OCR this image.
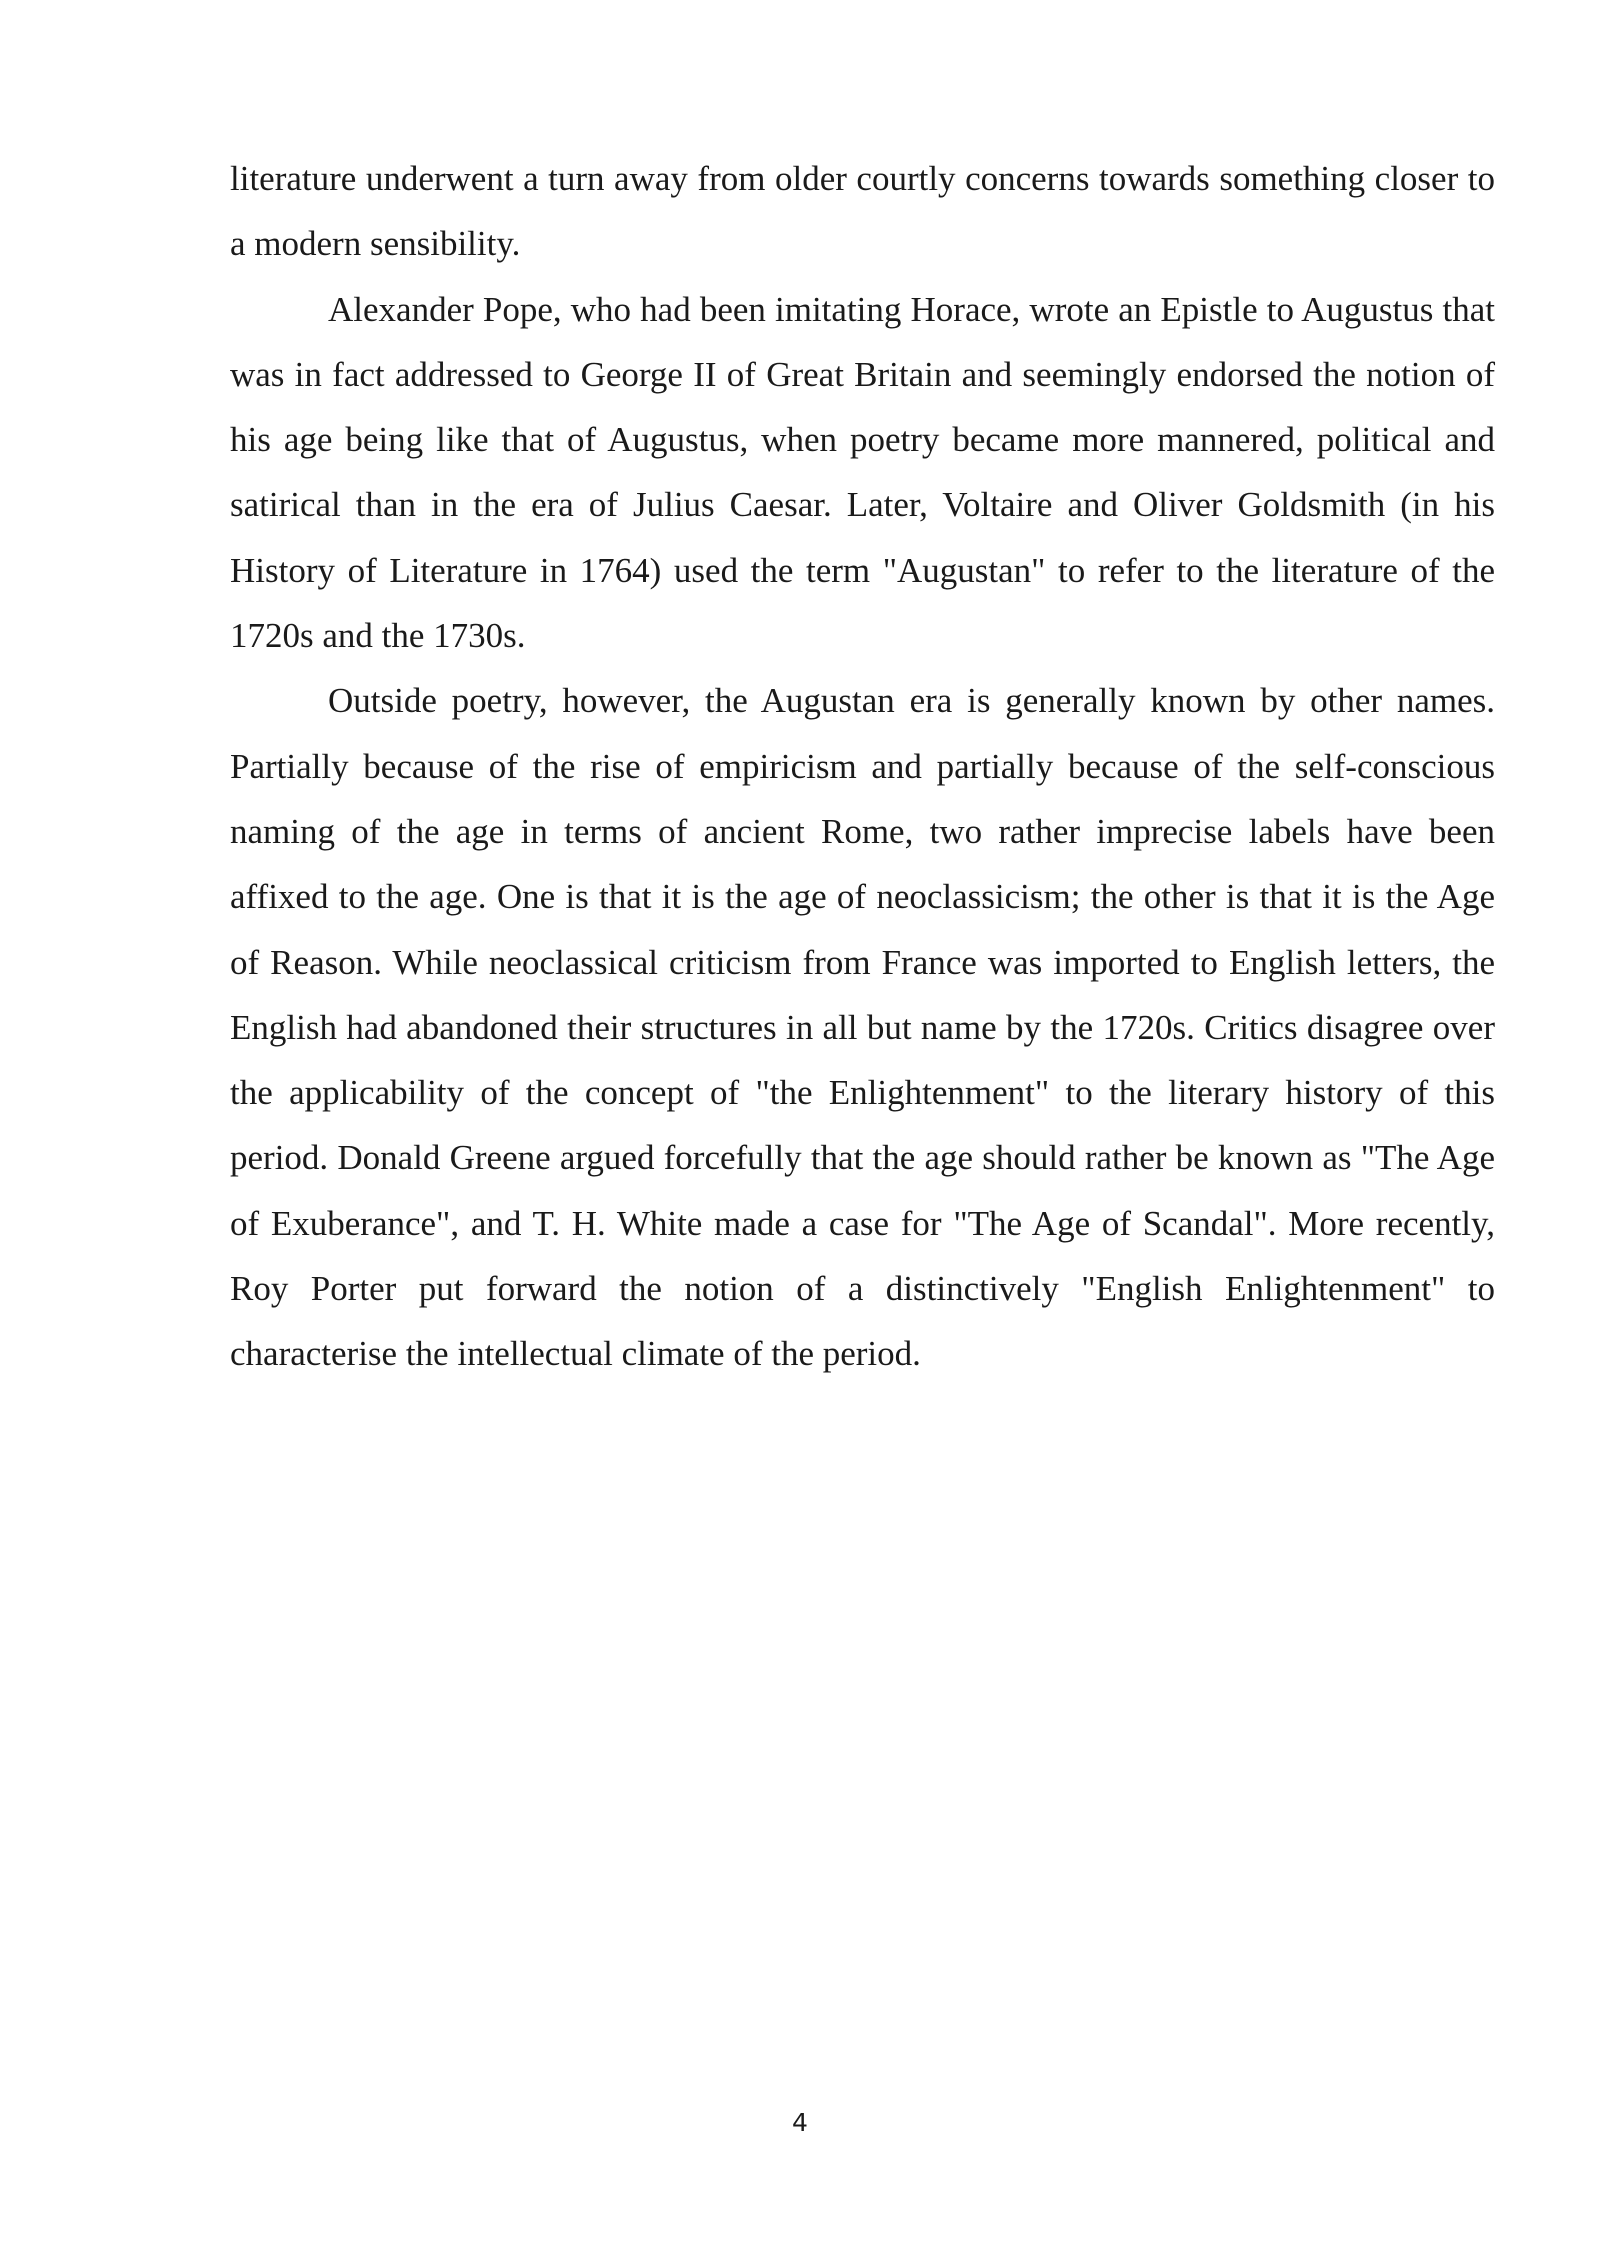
literature underwent a turn away from older courtly concerns towards something closer to a modern sensibility.

Alexander Pope, who had been imitating Horace, wrote an Epistle to Augustus that was in fact addressed to George II of Great Britain and seemingly endorsed the notion of his age being like that of Augustus, when poetry became more mannered, political and satirical than in the era of Julius Caesar. Later, Voltaire and Oliver Goldsmith (in his History of Literature in 1764) used the term "Augustan" to refer to the literature of the 1720s and the 1730s.

Outside poetry, however, the Augustan era is generally known by other names. Partially because of the rise of empiricism and partially because of the self-conscious naming of the age in terms of ancient Rome, two rather imprecise labels have been affixed to the age. One is that it is the age of neoclassicism; the other is that it is the Age of Reason. While neoclassical criticism from France was imported to English letters, the English had abandoned their structures in all but name by the 1720s. Critics disagree over the applicability of the concept of "the Enlightenment" to the literary history of this period. Donald Greene argued forcefully that the age should rather be known as "The Age of Exuberance", and T. H. White made a case for "The Age of Scandal". More recently, Roy Porter put forward the notion of a distinctively "English Enlightenment" to characterise the intellectual climate of the period.

4
